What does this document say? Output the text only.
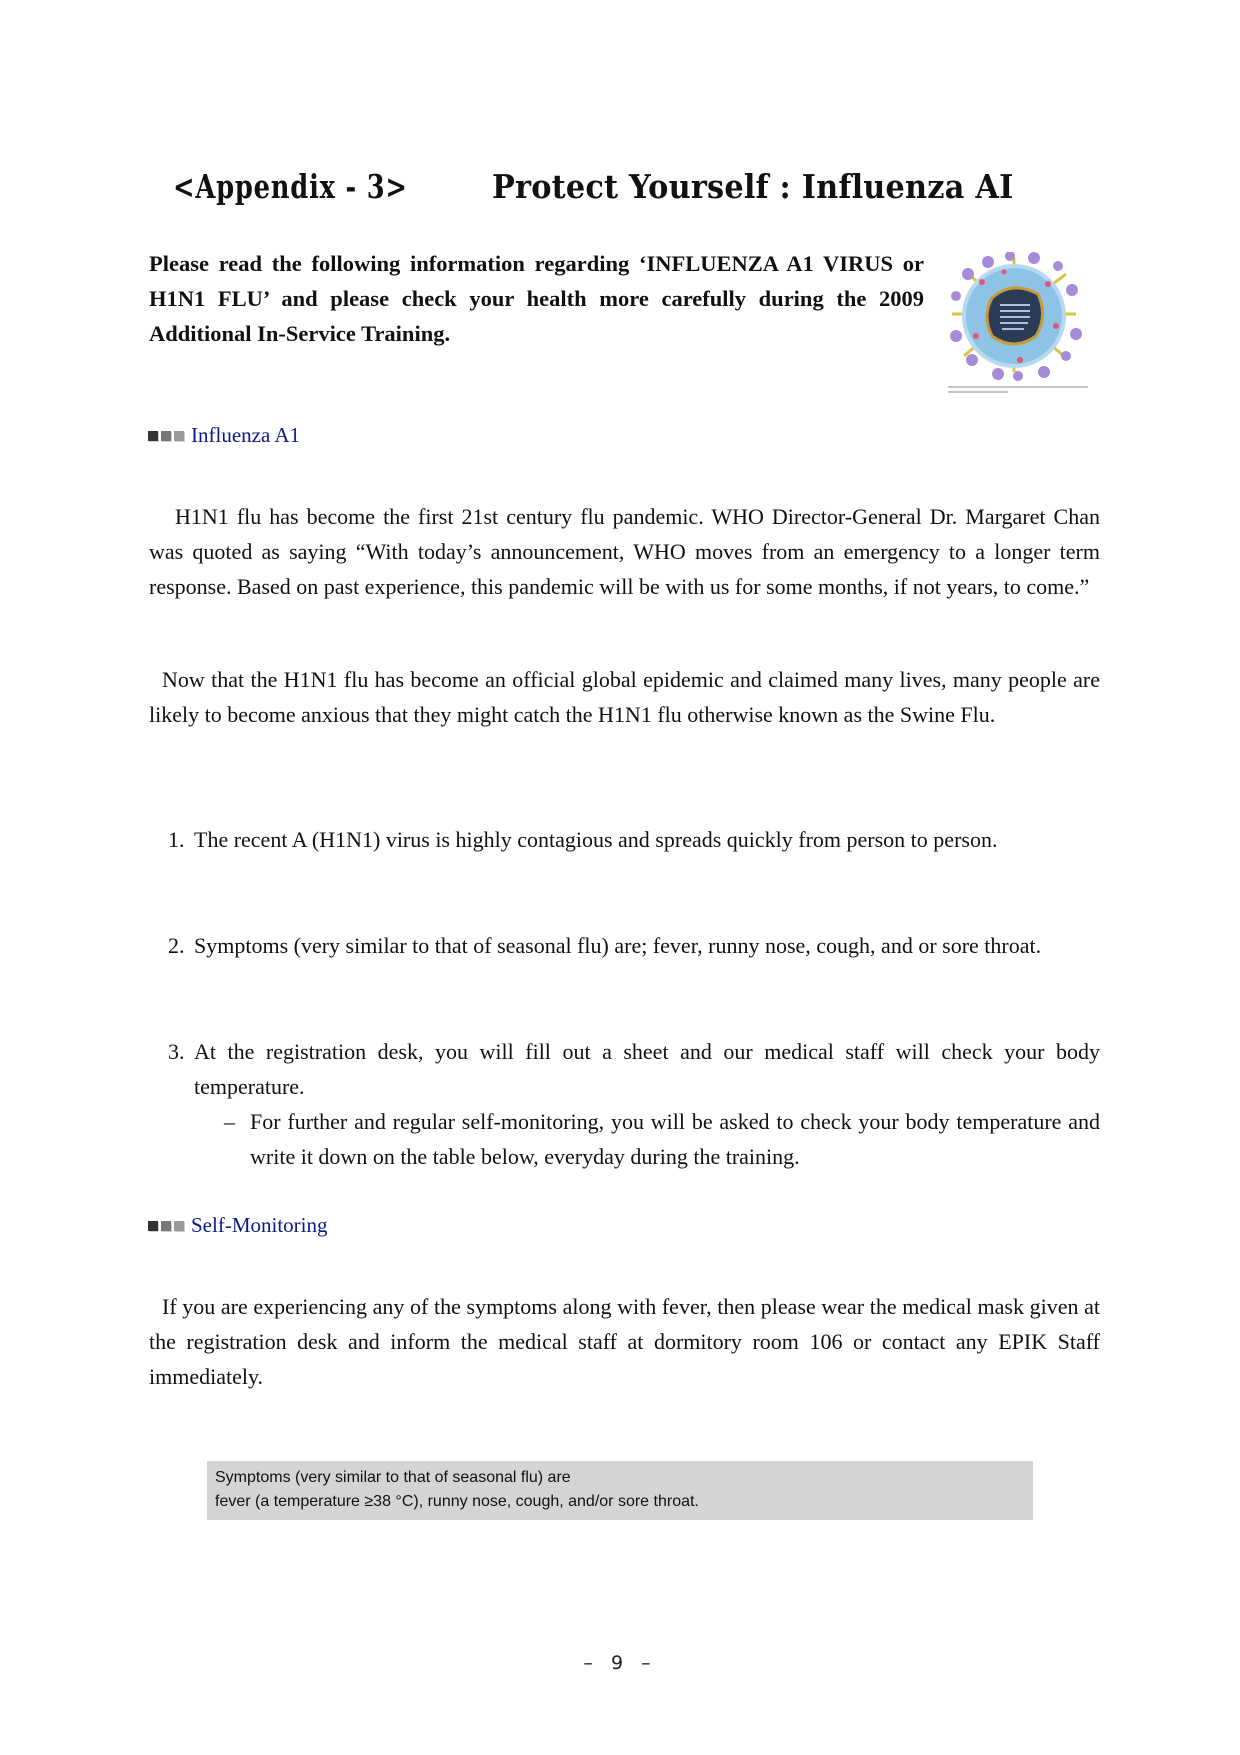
<Appendix - 3>	Protect Yourself : Influenza AI

Please read the following information regarding ‘INFLUENZA A1 VIRUS or H1N1 FLU’ and please check your health more carefully during the 2009 Additional In-Service Training.
Influenza A1
H1N1 flu has become the first 21st century flu pandemic. WHO Director-General Dr. Margaret Chan was quoted as saying “With today’s announcement, WHO moves from an emergency to a longer term response. Based on past experience, this pandemic will be with us for some months, if not years, to come.”
Now that the H1N1 flu has become an official global epidemic and claimed many lives, many people are likely to become anxious that they might catch the H1N1 flu otherwise known as the Swine Flu.
1. The recent A (H1N1) virus is highly contagious and spreads quickly from person to person.
2. Symptoms (very similar to that of seasonal flu) are; fever, runny nose, cough, and or sore throat.
3. At the registration desk, you will fill out a sheet and our medical staff will check your body temperature.
– For further and regular self-monitoring, you will be asked to check your body temperature and write it down on the table below, everyday during the training.
Self-Monitoring
If you are experiencing any of the symptoms along with fever, then please wear the medical mask given at the registration desk and inform the medical staff at dormitory room 106 or contact any EPIK Staff immediately.
Symptoms (very similar to that of seasonal flu) are
fever (a temperature ≥38 °C), runny nose, cough, and/or sore throat.
– 9 –
